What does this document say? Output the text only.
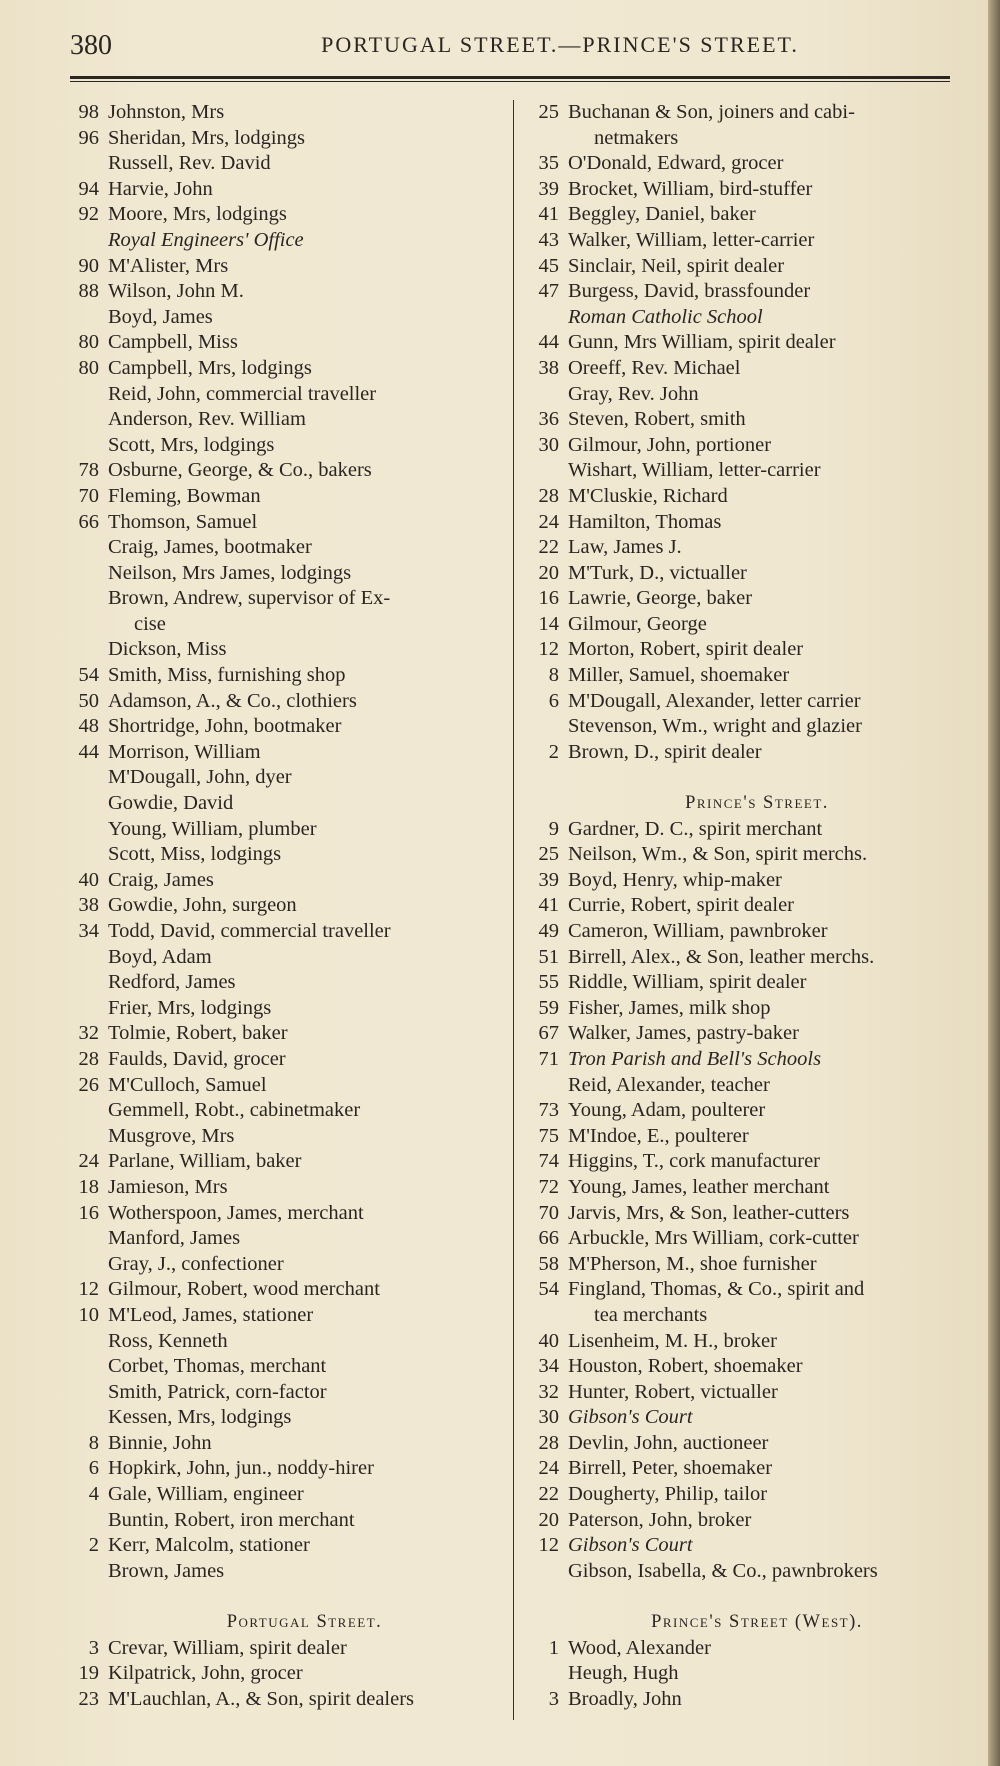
380	PORTUGAL STREET.—PRINCE'S STREET.
98 Johnston, Mrs
96 Sheridan, Mrs, lodgings
Russell, Rev. David
94 Harvie, John
92 Moore, Mrs, lodgings
Royal Engineers' Office
90 M'Alister, Mrs
88 Wilson, John M.
Boyd, James
80 Campbell, Miss
80 Campbell, Mrs, lodgings
Reid, John, commercial traveller
Anderson, Rev. William
Scott, Mrs, lodgings
78 Osburne, George, & Co., bakers
70 Fleming, Bowman
66 Thomson, Samuel
Craig, James, bootmaker
Neilson, Mrs James, lodgings
Brown, Andrew, supervisor of Ex-
cise
Dickson, Miss
54 Smith, Miss, furnishing shop
50 Adamson, A., & Co., clothiers
48 Shortridge, John, bootmaker
44 Morrison, William
M'Dougall, John, dyer
Gowdie, David
Young, William, plumber
Scott, Miss, lodgings
40 Craig, James
38 Gowdie, John, surgeon
34 Todd, David, commercial traveller
Boyd, Adam
Redford, James
Frier, Mrs, lodgings
32 Tolmie, Robert, baker
28 Faulds, David, grocer
26 M'Culloch, Samuel
Gemmell, Robt., cabinetmaker
Musgrove, Mrs
24 Parlane, William, baker
18 Jamieson, Mrs
16 Wotherspoon, James, merchant
Manford, James
Gray, J., confectioner
12 Gilmour, Robert, wood merchant
10 M'Leod, James, stationer
Ross, Kenneth
Corbet, Thomas, merchant
Smith, Patrick, corn-factor
Kessen, Mrs, lodgings
8 Binnie, John
6 Hopkirk, John, jun., noddy-hirer
4 Gale, William, engineer
Buntin, Robert, iron merchant
2 Kerr, Malcolm, stationer
Brown, James
Portugal Street.
3 Crevar, William, spirit dealer
19 Kilpatrick, John, grocer
23 M'Lauchlan, A., & Son, spirit dealers
25 Buchanan & Son, joiners and cabi-
netmakers
35 O'Donald, Edward, grocer
39 Brocket, William, bird-stuffer
41 Beggley, Daniel, baker
43 Walker, William, letter-carrier
45 Sinclair, Neil, spirit dealer
47 Burgess, David, brassfounder
Roman Catholic School
44 Gunn, Mrs William, spirit dealer
38 Oreeff, Rev. Michael
Gray, Rev. John
36 Steven, Robert, smith
30 Gilmour, John, portioner
Wishart, William, letter-carrier
28 M'Cluskie, Richard
24 Hamilton, Thomas
22 Law, James J.
20 M'Turk, D., victualler
16 Lawrie, George, baker
14 Gilmour, George
12 Morton, Robert, spirit dealer
8 Miller, Samuel, shoemaker
6 M'Dougall, Alexander, letter carrier
Stevenson, Wm., wright and glazier
2 Brown, D., spirit dealer
Prince's Street.
9 Gardner, D. C., spirit merchant
25 Neilson, Wm., & Son, spirit merchs.
39 Boyd, Henry, whip-maker
41 Currie, Robert, spirit dealer
49 Cameron, William, pawnbroker
51 Birrell, Alex., & Son, leather merchs.
55 Riddle, William, spirit dealer
59 Fisher, James, milk shop
67 Walker, James, pastry-baker
71 Tron Parish and Bell's Schools
Reid, Alexander, teacher
73 Young, Adam, poulterer
75 M'Indoe, E., poulterer
74 Higgins, T., cork manufacturer
72 Young, James, leather merchant
70 Jarvis, Mrs, & Son, leather-cutters
66 Arbuckle, Mrs William, cork-cutter
58 M'Pherson, M., shoe furnisher
54 Fingland, Thomas, & Co., spirit and
tea merchants
40 Lisenheim, M. H., broker
34 Houston, Robert, shoemaker
32 Hunter, Robert, victualler
30 Gibson's Court
28 Devlin, John, auctioneer
24 Birrell, Peter, shoemaker
22 Dougherty, Philip, tailor
20 Paterson, John, broker
12 Gibson's Court
Gibson, Isabella, & Co., pawnbrokers
Prince's Street (West).
1 Wood, Alexander
Heugh, Hugh
3 Broadly, John
